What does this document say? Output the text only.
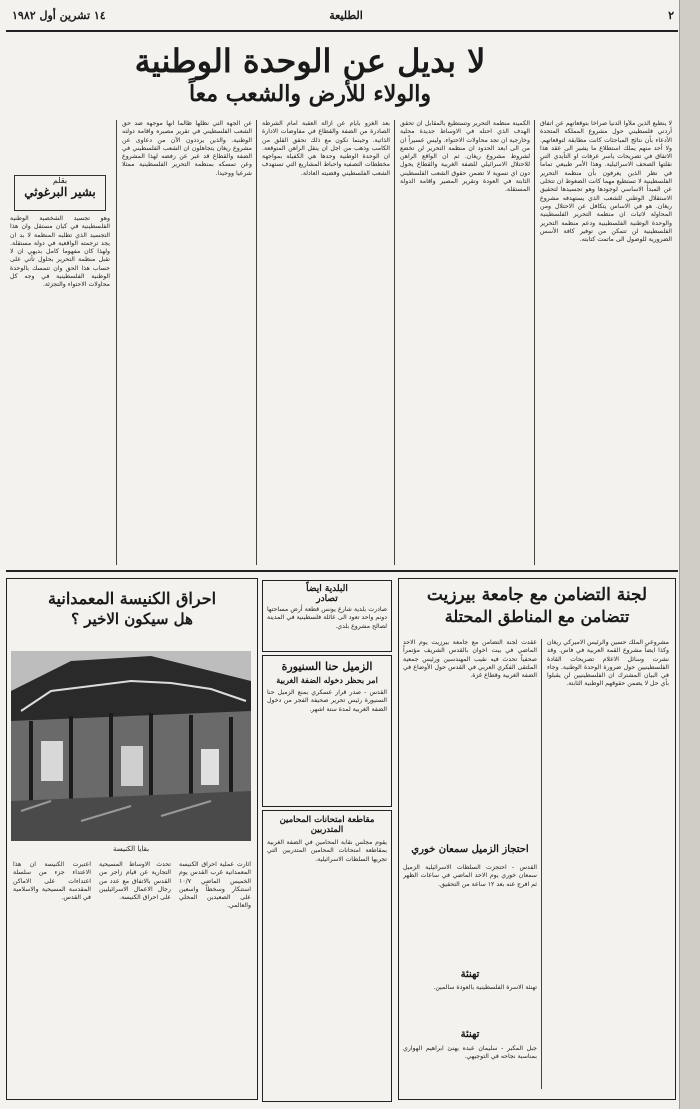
٢
الطليعة
١٤ تشرين أول ١٩٨٢
لا بديل عن الوحدة الوطنية
والولاء للأرض والشعب معاً
بقلم
بشير البرغوثي
لا ينطبع الذين ملأوا الدنيا صراخاً بتوقعاتهم عن اتفاق أردني فلسطيني حول مشروع المملكة المتحدة الأدعاء بأن نتائج المباحثات كانت مطابقة لتوقعاتهم. ولا أحد منهم يملك استطلاع ما يشير الى عقد هذا الاتفاق في تصريحات ياسر عرفات او التأيدي التي نقلتها الصحف الاسرائيلية. وهذا الأمر طبيعي تماماً في نظر الذين يعرفون بأن منظمة التحرير الفلسطينية لا تستطيع مهما كانت الضغوط ان تتخلى عن المبدأ الاساسي لوجودها وهو تجسيدها لتحقيق الاستقلال الوطني للشعب الذي يستهدفه مشروع ريغان. هو في الاساس يتكافل عن الاحتلال ومن المحاولة لاثبات ان منظمة التحرير الفلسطينية والوحدة الوطنية الفلسطينية ودعم منظمة التحرير الفلسطينية لن تتمكن من توفير كافة الأسس الضرورية للوصول الى ماتمت كتابته.
الكمينة منظمة التحرير وتستطيع بالمقابل ان تحقق الهدف الذي احتله في الاوساط جديدة محلية وخارجية ان تجد محاولات الاحتواء. وليس عسيراً ان من الى ابعد الحدود ان منظمة التحرير لن تخضع لشروط مشروع ريغان. ثم ان الواقع الراهن للاحتلال الاسرائيلي للضفة الغربية والقطاع يحول دون اي تسوية لا تضمن حقوق الشعب الفلسطيني الثابتة في العودة وتقرير المصير واقامة الدولة المستقلة.
بعد الغزو بأيام عن ازالة العقبة امام الشرطة الصادرة من الضفة والقطاع في مفاوضات الادارة الذاتية. وحينما تكون مع ذلك تحقق القلق من الكامب وذهب من اجل ان ينقل الراهن المتوقعة. ان الوحدة الوطنية وحدها هي الكفيلة بمواجهة مخططات التصفية واحباط المشاريع التي تستهدف الشعب الفلسطيني وقضيته العادلة.
عن الجهة التي نظلها ظالما انها موجهة ضد حق الشعب الفلسطيني في تقرير مصيره واقامة دولته الوطنية. والذين يرددون الآن من دعاوى عن مشروع ريغان يتجاهلون ان الشعب الفلسطيني في الضفة والقطاع قد عبر عن رفضه لهذا المشروع وعن تمسكه بمنظمة التحرير الفلسطينية ممثلا شرعيا ووحيدا.
وهو تجسيد الشخصية الوطنية الفلسطينية في كيان مستقل وان هذا التجسيد الذي تطلبه المنظمة لا بد ان يجد ترجمته الواقعية في دولة مستقلة. ولهذا كان مفهوما كامل بديهي ان لا تقبل منظمة التحرير بحلول تأتي على حساب هذا الحق وان تتمسك بالوحدة الوطنية الفلسطينية في وجه كل محاولات الاحتواء والتجزئة.
لجنة التضامن مع جامعة بيرزيت
تتضامن مع المناطق المحتلة
عقدت لجنة التضامن مع جامعة بيرزيت يوم الاحد الماضي في بيت اخوان بالقدس الشريف مؤتمراً صحفياً تحدث فيه نقيب المهندسين ورئيس جمعية الملتقى الفكري العربي في القدس حول الأوضاع في الضفة الغربية وقطاع غزة.
احتجاز الزميل سمعان خوري
القدس - احتجزت السلطات الاسرائيلية الزميل سمعان خوري يوم الاحد الماضي في ساعات الظهر ثم افرج عنه بعد ١٢ ساعة من التحقيق.
تهنئة
تهنئة الاسرة الفلسطينية بالعودة سالمين.
تهنئة
جبل المكبر - سليمان عبده يهنئ ابراهيم الهواري بمناسبة نجاحه في التوجيهي.
مشروعي الملك حسين والرئيس الاميركي ريغان وكذا ايضاً مشروع القمة العربية في فاس. وقد نشرت وسائل الاعلام تصريحات القادة الفلسطينيين حول ضرورة الوحدة الوطنية. وجاء في البيان المشترك ان الفلسطينيين لن يقبلوا بأي حل لا يضمن حقوقهم الوطنية الثابتة.
البلدية ايضاً
تصادر
صادرت بلدية شارع يونس قطعة أرض مساحتها دونم واحد تعود الى عائلة فلسطينية في المدينة لصالح مشروع بلدي.
الزميل حنا السنيورة
امر بحظر دخوله الضفة الغربية
القدس - صدر قرار عسكري بمنع الزميل حنا السنيورة رئيس تحرير صحيفة الفجر من دخول الضفة الغربية لمدة ستة اشهر.
مقاطعة امتحانات المحامين المتدربين
يقوم مجلس نقابة المحامين في الضفة الغربية بمقاطعة امتحانات المحامين المتدربين التي تجريها السلطات الاسرائيلية.
احراق الكنيسة المعمدانية
هل سيكون الاخير ؟
بقايا الكنيسة
أثارت عملية احراق الكنيسة المعمدانية غرب القدس يوم الخميس الماضي ١٠/٧ استنكار وسخطاً واسعين على الصعيدين المحلي والعالمي.
تحدث الاوساط المسيحية التجارية عن قيام زاجر من القدس بالاتفاق مع عدد من رجال الاعمال الاسرائيليين على احراق الكنيسة.
اعتبرت الكنيسة ان هذا الاعتداء جزء من سلسلة اعتداءات على الاماكن المقدسة المسيحية والاسلامية في القدس.
